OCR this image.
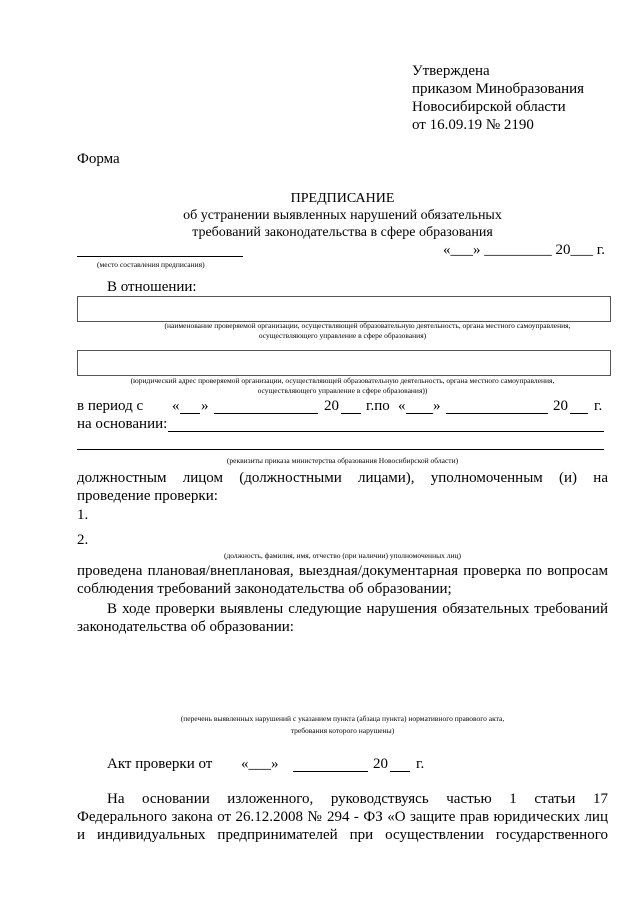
Утверждена
приказом Минобразования
Новосибирской области
от 16.09.19 № 2190
Форма
ПРЕДПИСАНИЕ
об устранении выявленных нарушений обязательных
требований законодательства в сфере образования
(место составления предписания)
«___» _________ 20___ г.
В отношении:
(наименование проверяемой организации, осуществляющей образовательную деятельность, органа местного самоуправления,
осуществляющего управление в сфере образования)
(юридический адрес проверяемой организации, осуществляющей образовательную деятельность, органа местного самоуправления,
осуществляющего управление в сфере образования))
в период с « »	20 г.по « »	20 г.
на основании:
(реквизиты приказа министерства образования Новосибирской области)
должностным лицом (должностными лицами), уполномоченным (и) на
проведение проверки:
1.
2.
(должность, фамилия, имя, отчество (при наличии) уполномоченных лиц)
проведена плановая/внеплановая, выездная/документарная проверка по вопросам
соблюдения требований законодательства об образовании;
В ходе проверки выявлены следующие нарушения обязательных требований
законодательства об образовании:
(перечень выявленных нарушений с указанием пункта (абзаца пункта) нормативного правового акта,
требования которого нарушены)
Акт проверки от «___»	20 г.
На основании изложенного, руководствуясь частью 1 статьи 17
Федерального закона от 26.12.2008 № 294 - ФЗ «О защите прав юридических лиц
и индивидуальных предпринимателей при осуществлении государственного
